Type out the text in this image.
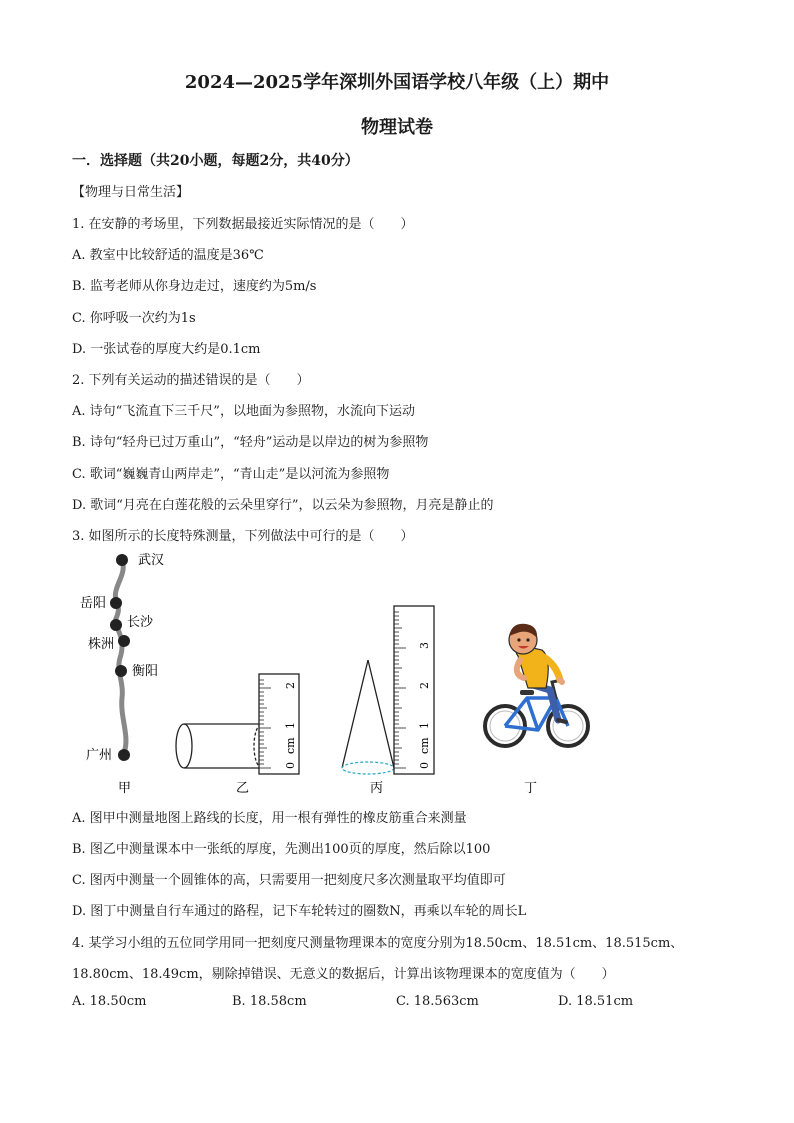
2024—2025学年深圳外国语学校八年级（上）期中
物理试卷
一．选择题（共20小题，每题2分，共40分）
【物理与日常生活】
1. 在安静的考场里，下列数据最接近实际情况的是（　　）
A. 教室中比较舒适的温度是36℃
B. 监考老师从你身边走过，速度约为5m/s
C. 你呼吸一次约为1s
D. 一张试卷的厚度大约是0.1cm
2. 下列有关运动的描述错误的是（　　）
A. 诗句“飞流直下三千尺”，以地面为参照物，水流向下运动
B. 诗句“轻舟已过万重山”，“轻舟”运动是以岸边的树为参照物
C. 歌词“巍巍青山两岸走”，“青山走”是以河流为参照物
D. 歌词“月亮在白莲花般的云朵里穿行”，以云朵为参照物，月亮是静止的
3. 如图所示的长度特殊测量，下列做法中可行的是（　　）
武汉
岳阳
长沙
株洲
衡阳
广州
甲
0
cm
1
2
乙
0
cm
1
2
3
丙	丁
A. 图甲中测量地图上路线的长度，用一根有弹性的橡皮筋重合来测量
B. 图乙中测量课本中一张纸的厚度，先测出100页的厚度，然后除以100
C. 图丙中测量一个圆锥体的高，只需要用一把刻度尺多次测量取平均值即可
D. 图丁中测量自行车通过的路程，记下车轮转过的圈数N，再乘以车轮的周长L
4. 某学习小组的五位同学用同一把刻度尺测量物理课本的宽度分别为18.50cm、18.51cm、18.515cm、
18.80cm、18.49cm，剔除掉错误、无意义的数据后，计算出该物理课本的宽度值为（　　）
A. 18.50cm	B. 18.58cm	C. 18.563cm	D. 18.51cm
